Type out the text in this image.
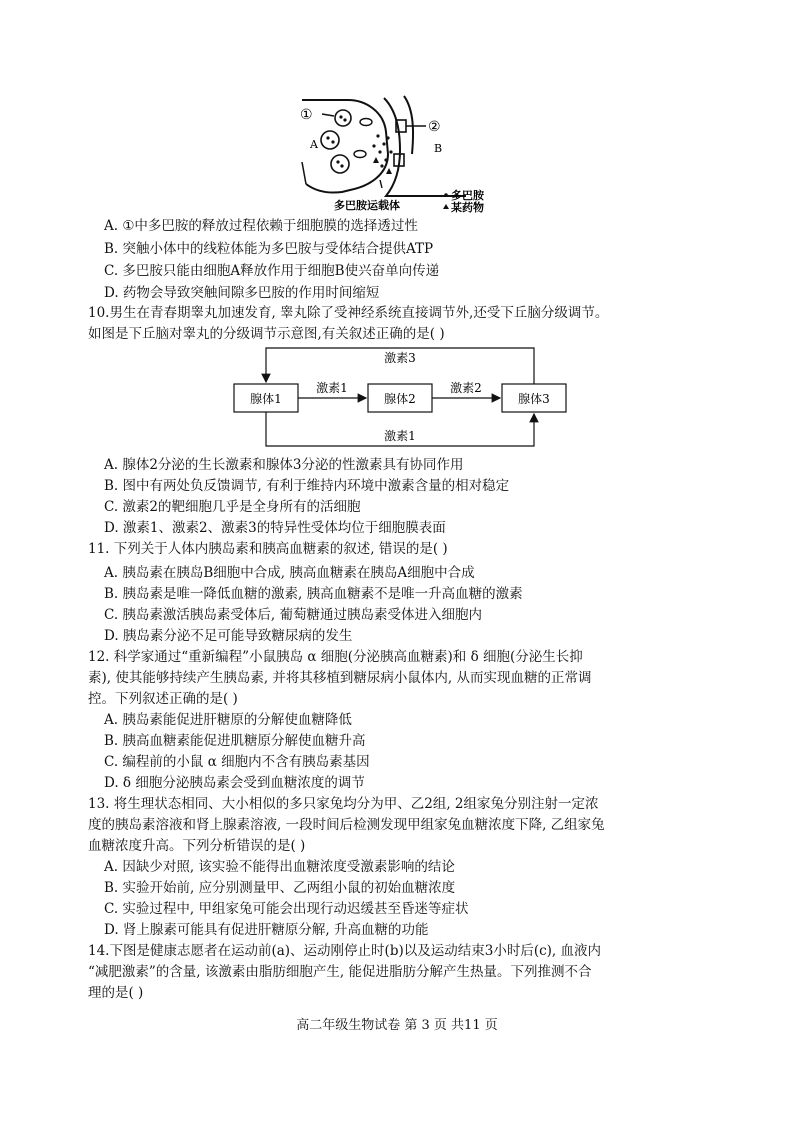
①
②
A	B
多巴胺运载体
多巴胺
某药物
A. ①中多巴胺的释放过程依赖于细胞膜的选择透过性
B. 突触小体中的线粒体能为多巴胺与受体结合提供ATP
C. 多巴胺只能由细胞A释放作用于细胞B使兴奋单向传递
D. 药物会导致突触间隙多巴胺的作用时间缩短
10.男生在青春期睾丸加速发育, 睾丸除了受神经系统直接调节外,还受下丘脑分级调节。
如图是下丘脑对睾丸的分级调节示意图,有关叙述正确的是( )
腺体1	腺体2	腺体3
激素1	激素2
激素3
激素1
A. 腺体2分泌的生长激素和腺体3分泌的性激素具有协同作用
B. 图中有两处负反馈调节, 有利于维持内环境中激素含量的相对稳定
C. 激素2的靶细胞几乎是全身所有的活细胞
D. 激素1、激素2、激素3的特异性受体均位于细胞膜表面
11. 下列关于人体内胰岛素和胰高血糖素的叙述, 错误的是( )
A. 胰岛素在胰岛B细胞中合成, 胰高血糖素在胰岛A细胞中合成
B. 胰岛素是唯一降低血糖的激素, 胰高血糖素不是唯一升高血糖的激素
C. 胰岛素激活胰岛素受体后, 葡萄糖通过胰岛素受体进入细胞内
D. 胰岛素分泌不足可能导致糖尿病的发生
12. 科学家通过“重新编程”小鼠胰岛 α 细胞(分泌胰高血糖素)和 δ 细胞(分泌生长抑
素), 使其能够持续产生胰岛素, 并将其移植到糖尿病小鼠体内, 从而实现血糖的正常调
控。下列叙述正确的是( )
A. 胰岛素能促进肝糖原的分解使血糖降低
B. 胰高血糖素能促进肌糖原分解使血糖升高
C. 编程前的小鼠 α 细胞内不含有胰岛素基因
D. δ 细胞分泌胰岛素会受到血糖浓度的调节
13. 将生理状态相同、大小相似的多只家兔均分为甲、乙2组, 2组家兔分别注射一定浓
度的胰岛素溶液和肾上腺素溶液, 一段时间后检测发现甲组家兔血糖浓度下降, 乙组家兔
血糖浓度升高。下列分析错误的是( )
A. 因缺少对照, 该实验不能得出血糖浓度受激素影响的结论
B. 实验开始前, 应分别测量甲、乙两组小鼠的初始血糖浓度
C. 实验过程中, 甲组家兔可能会出现行动迟缓甚至昏迷等症状
D. 肾上腺素可能具有促进肝糖原分解, 升高血糖的功能
14.下图是健康志愿者在运动前(a)、运动刚停止时(b)以及运动结束3小时后(c), 血液内
“减肥激素”的含量, 该激素由脂肪细胞产生, 能促进脂肪分解产生热量。下列推测不合
理的是( )
高二年级生物试卷 第 3 页 共11 页
